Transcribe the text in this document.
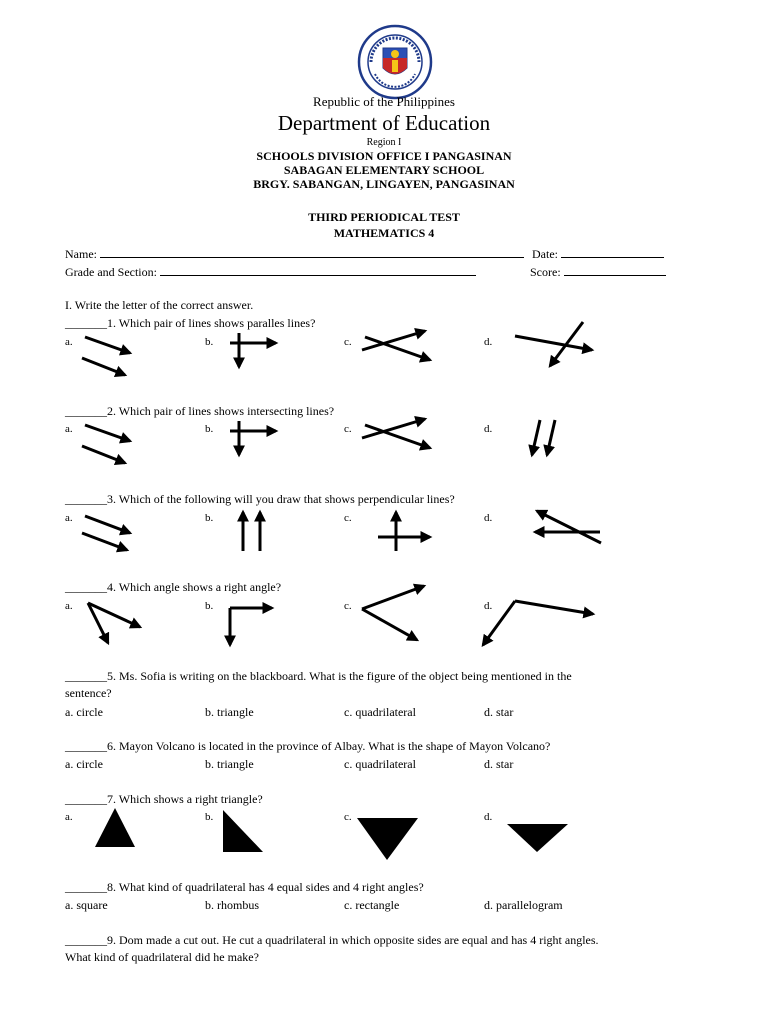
Republic of the Philippines
Department of Education
Region I
SCHOOLS DIVISION OFFICE I PANGASINAN
SABAGAN ELEMENTARY SCHOOL
BRGY. SABANGAN, LINGAYEN, PANGASINAN
THIRD PERIODICAL TEST
MATHEMATICS 4
Name:	Date:
Grade and Section:	Score:
I. Write the letter of the correct answer.
_______1. Which pair of lines shows paralles lines?
a.	b.	c.	d.
_______2. Which pair of lines shows intersecting lines?
a.	b.	c.	d.
_______3. Which of the following will you draw that shows perpendicular lines?
a.	b.	c.	d.
_______4. Which angle shows a right angle?
a.	b.	c.	d.
_______5. Ms. Sofia is writing on the blackboard. What is the figure of the object being mentioned in the
sentence?
a. circle	b. triangle	c. quadrilateral	d. star
_______6. Mayon Volcano is located in the province of Albay. What is the shape of Mayon Volcano?
a. circle	b. triangle	c. quadrilateral	d. star
_______7. Which shows a right triangle?
a.	b.	c.	d.
_______8. What kind of quadrilateral has 4 equal sides and 4 right angles?
a. square	b. rhombus	c. rectangle	d. parallelogram
_______9. Dom made a cut out. He cut a quadrilateral in which opposite sides are equal and has 4 right angles.
What kind of quadrilateral did he make?
